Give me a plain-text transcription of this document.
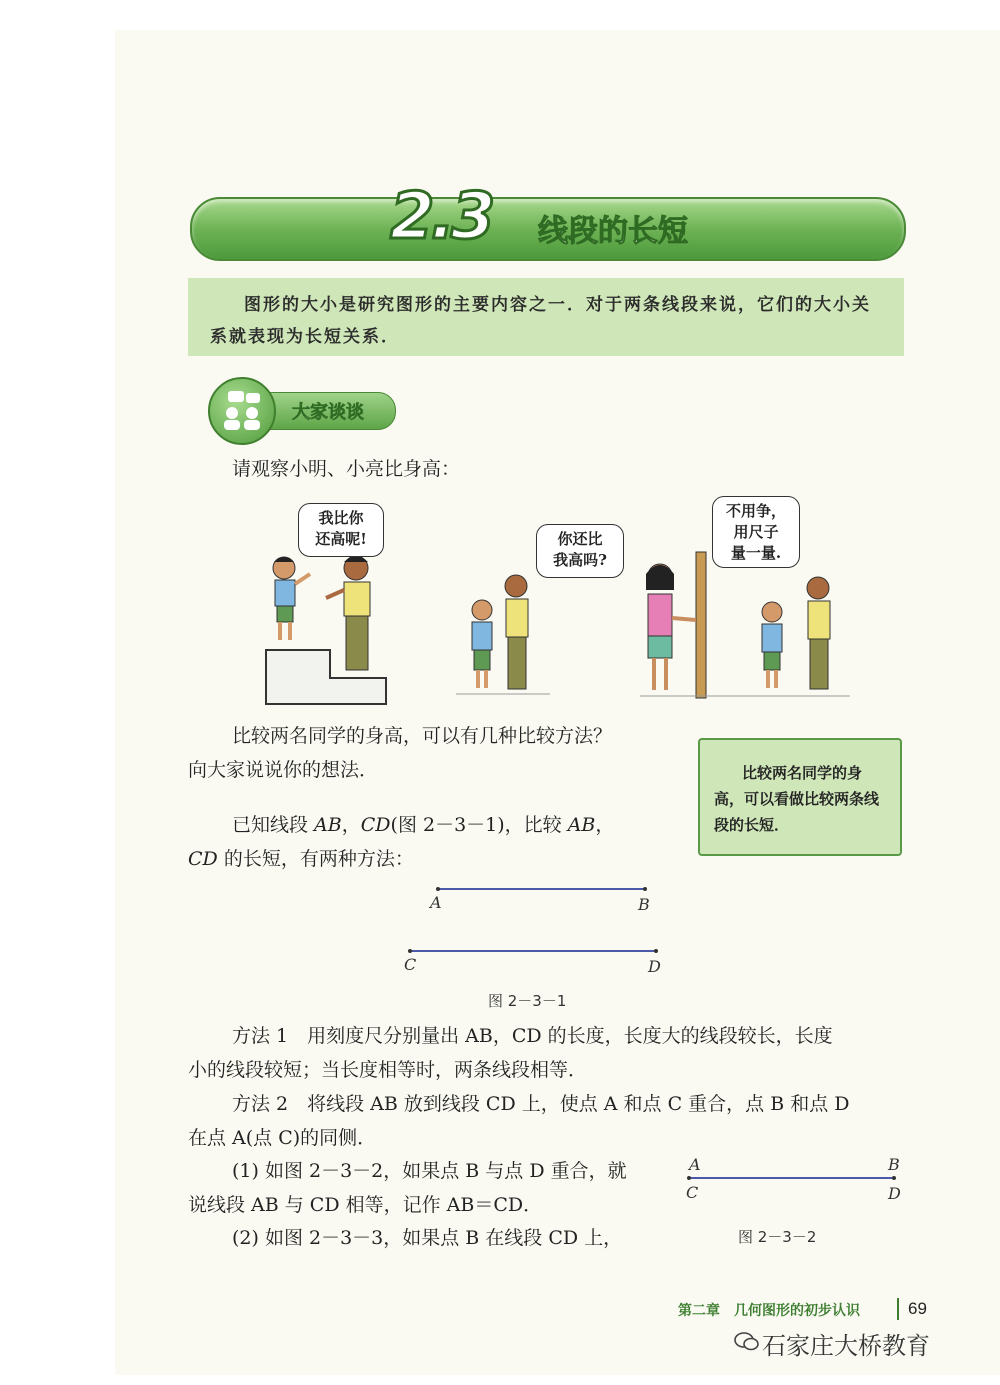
2.3 线段的长短

图形的大小是研究图形的主要内容之一．对于两条线段来说，它们的大小关系就表现为长短关系．

大家谈谈
请观察小明、小亮比身高：
我比你
还高呢!	你还比
我高吗?
不用争，
用尺子
量一量.
比较两名同学的身高，可以有几种比较方法？
向大家说说你的想法．	比较两名同学的身高，可以看做比较两条线段的长短．

已知线段 AB，CD(图 2－3－1)，比较 AB，
CD 的长短，有两种方法：
A	B
C	D
图 2－3－1
方法 1　用刻度尺分别量出 AB，CD 的长度，长度大的线段较长，长度
小的线段较短；当长度相等时，两条线段相等．
方法 2　将线段 AB 放到线段 CD 上，使点 A 和点 C 重合，点 B 和点 D
在点 A(点 C)的同侧．
(1) 如图 2－3－2，如果点 B 与点 D 重合，就
说线段 AB 与 CD 相等，记作 AB＝CD．
(2) 如图 2－3－3，如果点 B 在线段 CD 上，
A	B
C	D
图 2－3－2
第二章　几何图形的初步认识	69
石家庄大桥教育
